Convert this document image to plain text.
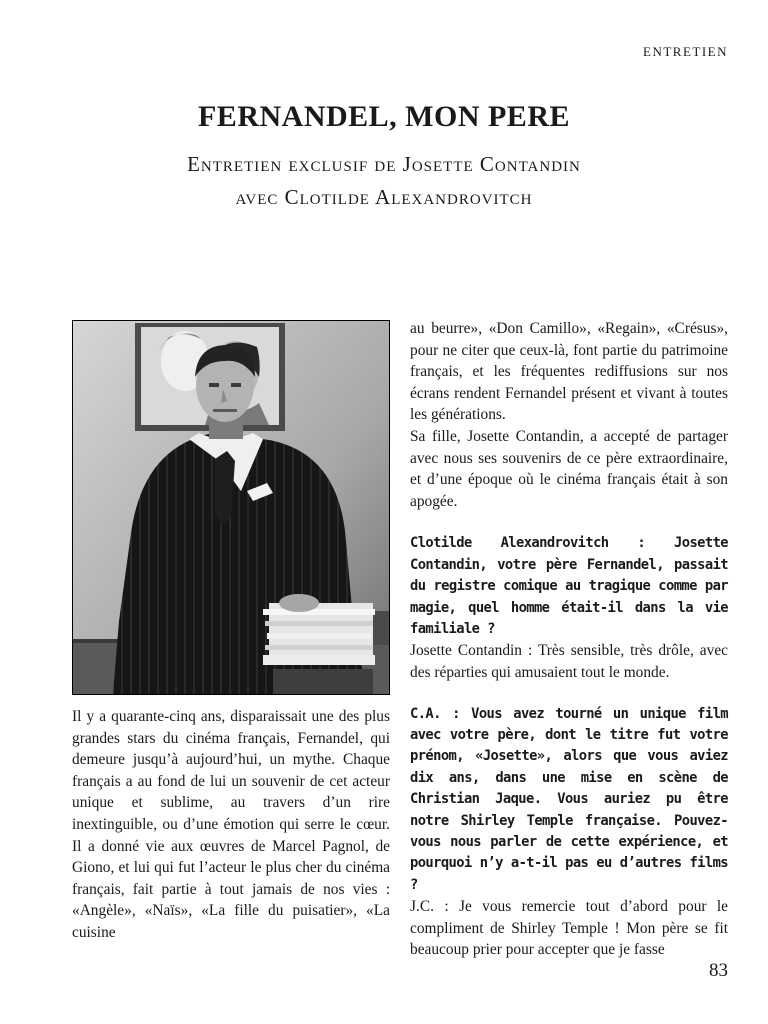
ENTRETIEN
FERNANDEL, MON PERE
Entretien exclusif de Josette Contandin
avec Clotilde Alexandrovitch

Il y a quarante-cinq ans, disparaissait une des plus grandes stars du cinéma français, Fernandel, qui demeure jusqu’à aujourd’hui, un mythe. Chaque français a au fond de lui un souvenir de cet acteur unique et sublime, au travers d’un rire inextinguible, ou d’une émotion qui serre le cœur. Il a donné vie aux œuvres de Marcel Pagnol, de Giono, et lui qui fut l’acteur le plus cher du cinéma français, fait partie à tout jamais de nos vies : «Angèle», «Naïs», «La fille du puisatier», «La cuisine

au beurre», «Don Camillo», «Regain», «Crésus», pour ne citer que ceux-là, font partie du patrimoine français, et les fréquentes rediffusions sur nos écrans rendent Fernandel présent et vivant à toutes les générations.

Sa fille, Josette Contandin, a accepté de partager avec nous ses souvenirs de ce père extraordinaire, et d’une époque où le cinéma français était à son apogée.

Clotilde Alexandrovitch : Josette Contandin, votre père Fernandel, passait du registre comique au tragique comme par magie, quel homme était-il dans la vie familiale ?

Josette Contandin : Très sensible, très drôle, avec des réparties qui amusaient tout le monde.

C.A. : Vous avez tourné un unique film avec votre père, dont le titre fut votre prénom, «Josette», alors que vous aviez dix ans, dans une mise en scène de Christian Jaque. Vous auriez pu être notre Shirley Temple française. Pouvez-vous nous parler de cette expérience, et pourquoi n’y a-t-il pas eu d’autres films ?

J.C. : Je vous remercie tout d’abord pour le compliment de Shirley Temple ! Mon père se fit beaucoup prier pour accepter que je fasse

83
